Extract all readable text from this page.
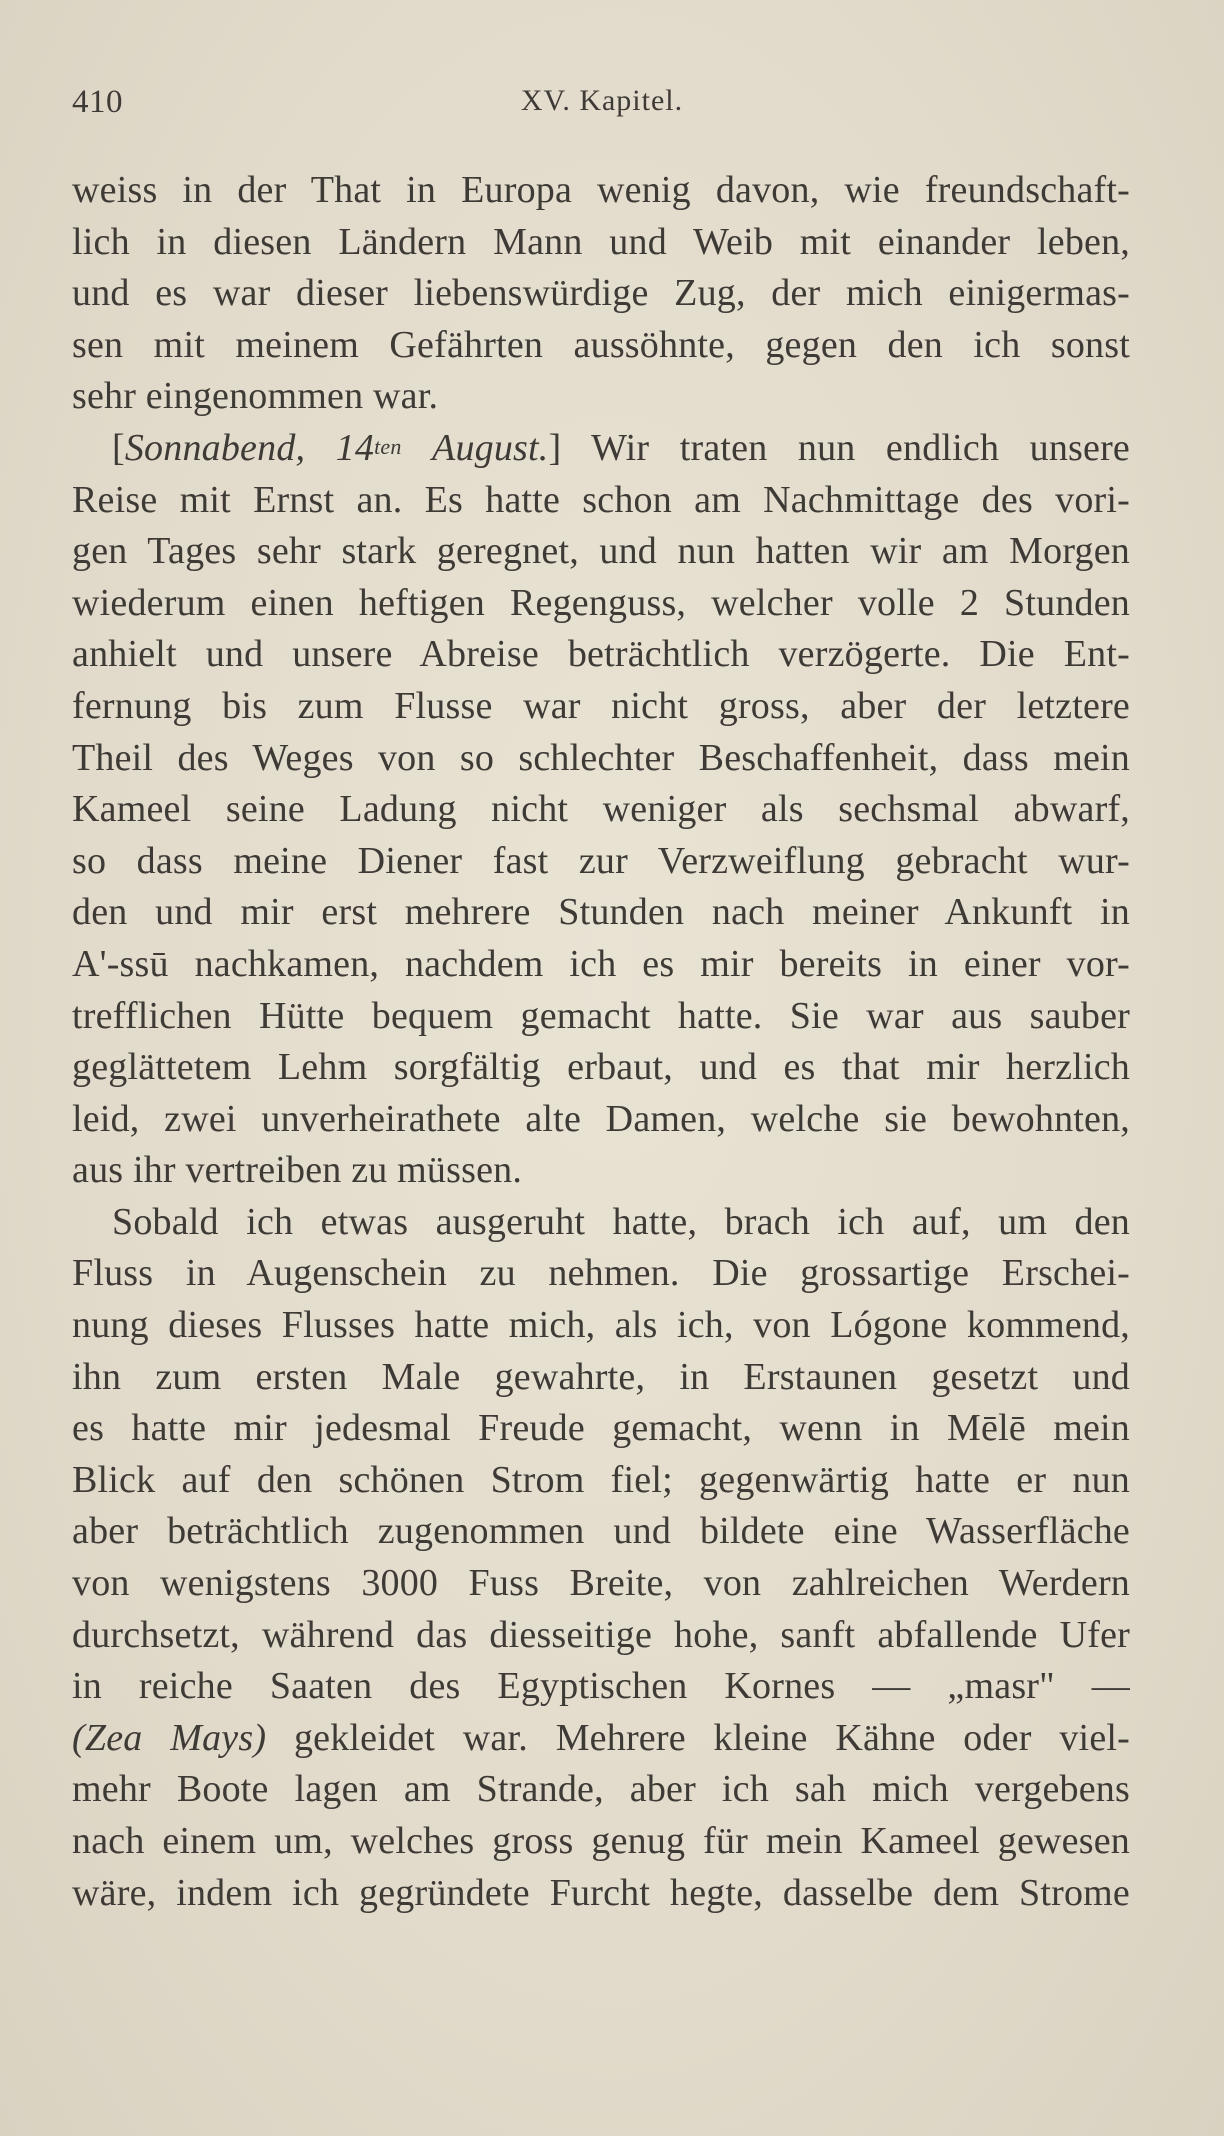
410	XV. Kapitel.
weiss in der That in Europa wenig davon, wie freundschaft-
lich in diesen Ländern Mann und Weib mit einander leben,
und es war dieser liebenswürdige Zug, der mich einigermas-
sen mit meinem Gefährten aussöhnte, gegen den ich sonst
sehr eingenommen war.
[Sonnabend, $14^{ten}$ August.] Wir traten nun endlich unsere
Reise mit Ernst an. Es hatte schon am Nachmittage des vori-
gen Tages sehr stark geregnet, und nun hatten wir am Morgen
wiederum einen heftigen Regenguss, welcher volle 2 Stunden
anhielt und unsere Abreise beträchtlich verzögerte. Die Ent-
fernung bis zum Flusse war nicht gross, aber der letztere
Theil des Weges von so schlechter Beschaffenheit, dass mein
Kameel seine Ladung nicht weniger als sechsmal abwarf,
so dass meine Diener fast zur Verzweiflung gebracht wur-
den und mir erst mehrere Stunden nach meiner Ankunft in
A'-ssū nachkamen, nachdem ich es mir bereits in einer vor-
trefflichen Hütte bequem gemacht hatte. Sie war aus sauber
geglättetem Lehm sorgfältig erbaut, und es that mir herzlich
leid, zwei unverheirathete alte Damen, welche sie bewohnten,
aus ihr vertreiben zu müssen.
Sobald ich etwas ausgeruht hatte, brach ich auf, um den
Fluss in Augenschein zu nehmen. Die grossartige Erschei-
nung dieses Flusses hatte mich, als ich, von Lógone kommend,
ihn zum ersten Male gewahrte, in Erstaunen gesetzt und
es hatte mir jedesmal Freude gemacht, wenn in Mēlē mein
Blick auf den schönen Strom fiel; gegenwärtig hatte er nun
aber beträchtlich zugenommen und bildete eine Wasserfläche
von wenigstens 3000 Fuss Breite, von zahlreichen Werdern
durchsetzt, während das diesseitige hohe, sanft abfallende Ufer
in reiche Saaten des Egyptischen Kornes — „masr" —
(Zea Mays) gekleidet war. Mehrere kleine Kähne oder viel-
mehr Boote lagen am Strande, aber ich sah mich vergebens
nach einem um, welches gross genug für mein Kameel gewesen
wäre, indem ich gegründete Furcht hegte, dasselbe dem Strome
